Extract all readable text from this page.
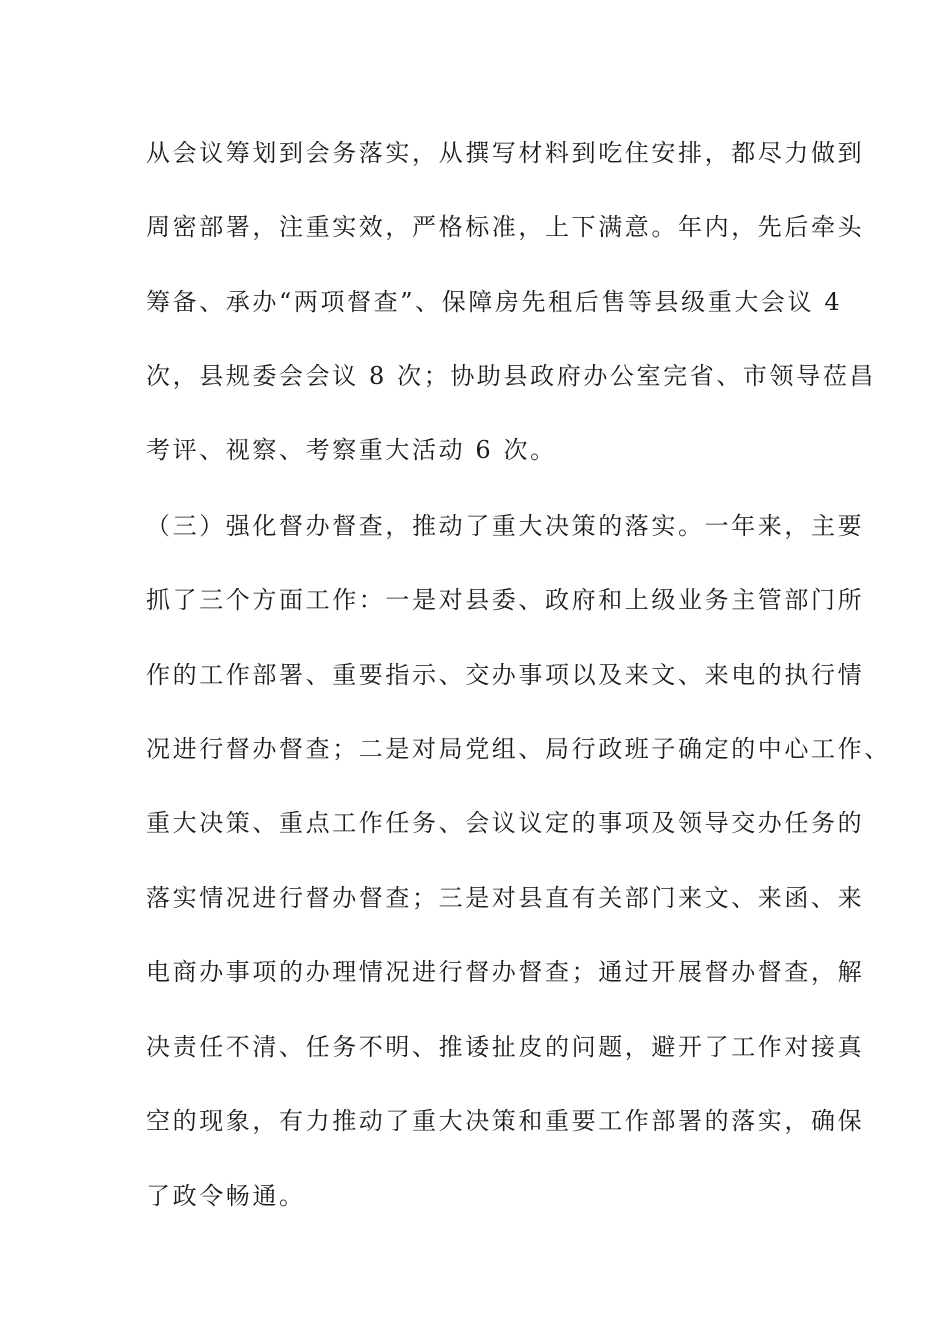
从会议筹划到会务落实，从撰写材料到吃住安排，都尽力做到
周密部署，注重实效，严格标准，上下满意。年内，先后牵头
筹备、承办“两项督查”、保障房先租后售等县级重大会议 4
次，县规委会会议 8 次；协助县政府办公室完省、市领导莅昌
考评、视察、考察重大活动 6 次。
（三）强化督办督查，推动了重大决策的落实。一年来，主要
抓了三个方面工作：一是对县委、政府和上级业务主管部门所
作的工作部署、重要指示、交办事项以及来文、来电的执行情
况进行督办督查；二是对局党组、局行政班子确定的中心工作、
重大决策、重点工作任务、会议议定的事项及领导交办任务的
落实情况进行督办督查；三是对县直有关部门来文、来函、来
电商办事项的办理情况进行督办督查；通过开展督办督查，解
决责任不清、任务不明、推诿扯皮的问题，避开了工作对接真
空的现象，有力推动了重大决策和重要工作部署的落实，确保
了政令畅通。
